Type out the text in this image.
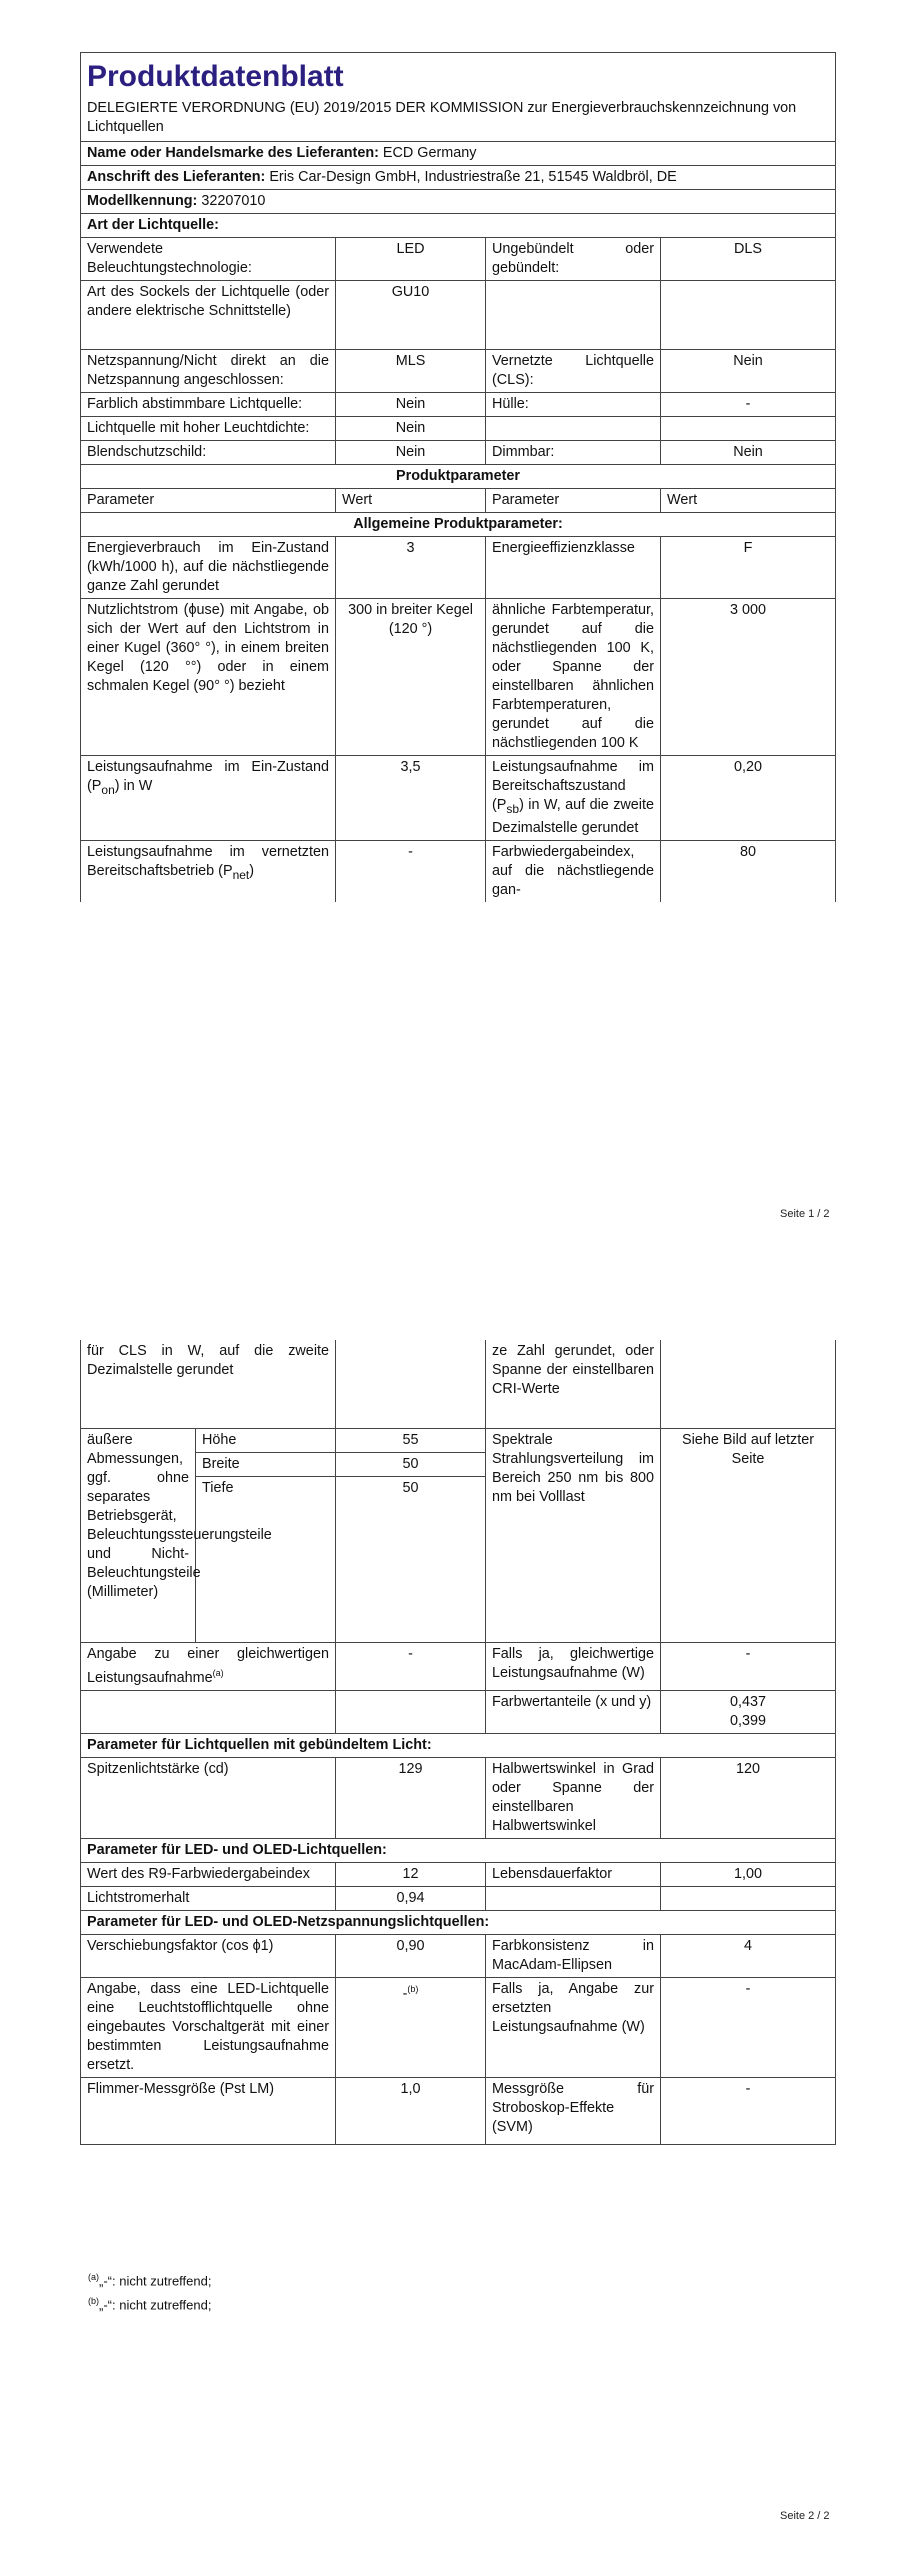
Produktdatenblatt
DELEGIERTE VERORDNUNG (EU) 2019/2015 DER KOMMISSION zur Energieverbrauchskennzeichnung von Lichtquellen			

Name oder Handelsmarke des Lieferanten: ECD Germany			
Anschrift des Lieferanten: Eris Car-Design GmbH, Industriestraße 21, 51545 Waldbröl, DE			
Modellkennung: 32207010			
Art der Lichtquelle:			
Verwendete Beleuchtungstechnologie:	LED	Ungebündelt oder gebündelt:	DLS
Art des Sockels der Lichtquelle (oder andere elektrische Schnittstelle)	GU10		
Netzspannung/Nicht direkt an die Netzspannung angeschlossen:	MLS	Vernetzte Lichtquelle (CLS):	Nein
Farblich abstimmbare Lichtquelle:	Nein	Hülle:	-
Lichtquelle mit hoher Leuchtdichte:	Nein		
Blendschutzschild:	Nein	Dimmbar:	Nein
Produktparameter			
Parameter	Wert	Parameter	Wert
Allgemeine Produktparameter:			
Energieverbrauch im Ein-Zustand (kWh/1000 h), auf die nächstliegende ganze Zahl gerundet	3	Energieeffizienzklasse	F
Nutzlichtstrom (ϕuse) mit Angabe, ob sich der Wert auf den Lichtstrom in einer Kugel (360° °), in einem breiten Kegel (120 °°) oder in einem schmalen Kegel (90° °) bezieht	300 in breiter Kegel (120 °)	ähnliche Farbtemperatur, gerundet auf die nächstliegenden 100 K, oder Spanne der einstellbaren ähnlichen Farbtemperaturen, gerundet auf die nächstliegenden 100 K	3 000
Leistungsaufnahme im Ein-Zustand $(P_{on})$ in W	3,5	Leistungsaufnahme im Bereitschaftszustand $(P_{sb})$ in W, auf die zweite Dezimalstelle gerundet	0,20
Leistungsaufnahme im vernetzten Bereitschaftsbetrieb $(P_{net})$	-	Farbwiedergabeindex, auf die nächstliegende gan-	80
Seite 1 / 2
für CLS in W, auf die zweite Dezimalstelle gerundet			ze Zahl gerundet, oder Spanne der einstellbaren CRI-Werte	
äußere Abmessungen, ggf. ohne separates Betriebsgerät, Beleuchtungssteuerungsteile und Nicht-Beleuchtungsteile (Millimeter)	Höhe	55	Spektrale Strahlungsverteilung im Bereich 250 nm bis 800 nm bei Volllast	Siehe Bild auf letzter Seite
	Breite	50		
	Tiefe	50		

Angabe zu einer gleichwertigen Leistungsaufnahme$^{(a)}$		-	Falls ja, gleichwertige Leistungsaufnahme (W)	-
			Farbwertanteile (x und y)	0,437
0,399

Parameter für Lichtquellen mit gebündeltem Licht:				
Spitzenlichtstärke (cd)		129	Halbwertswinkel in Grad oder Spanne der einstellbaren Halbwertswinkel	120
Parameter für LED- und OLED-Lichtquellen:				
Wert des R9-Farbwiedergabeindex		12	Lebensdauerfaktor	1,00
Lichtstromerhalt		0,94		
Parameter für LED- und OLED-Netzspannungslichtquellen:				
Verschiebungsfaktor (cos ϕ1)		0,90	Farbkonsistenz in MacAdam-Ellipsen	4
Angabe, dass eine LED-Lichtquelle eine Leuchtstofflichtquelle ohne eingebautes Vorschaltgerät mit einer bestimmten Leistungsaufnahme ersetzt.		-$^{(b)}$	Falls ja, Angabe zur ersetzten Leistungsaufnahme (W)	-
Flimmer-Messgröße (Pst LM)		1,0	Messgröße für Stroboskop-Effekte (SVM)	-
$^{(a)}$„-“: nicht zutreffend;
$^{(b)}$„-“: nicht zutreffend;
Seite 2 / 2
